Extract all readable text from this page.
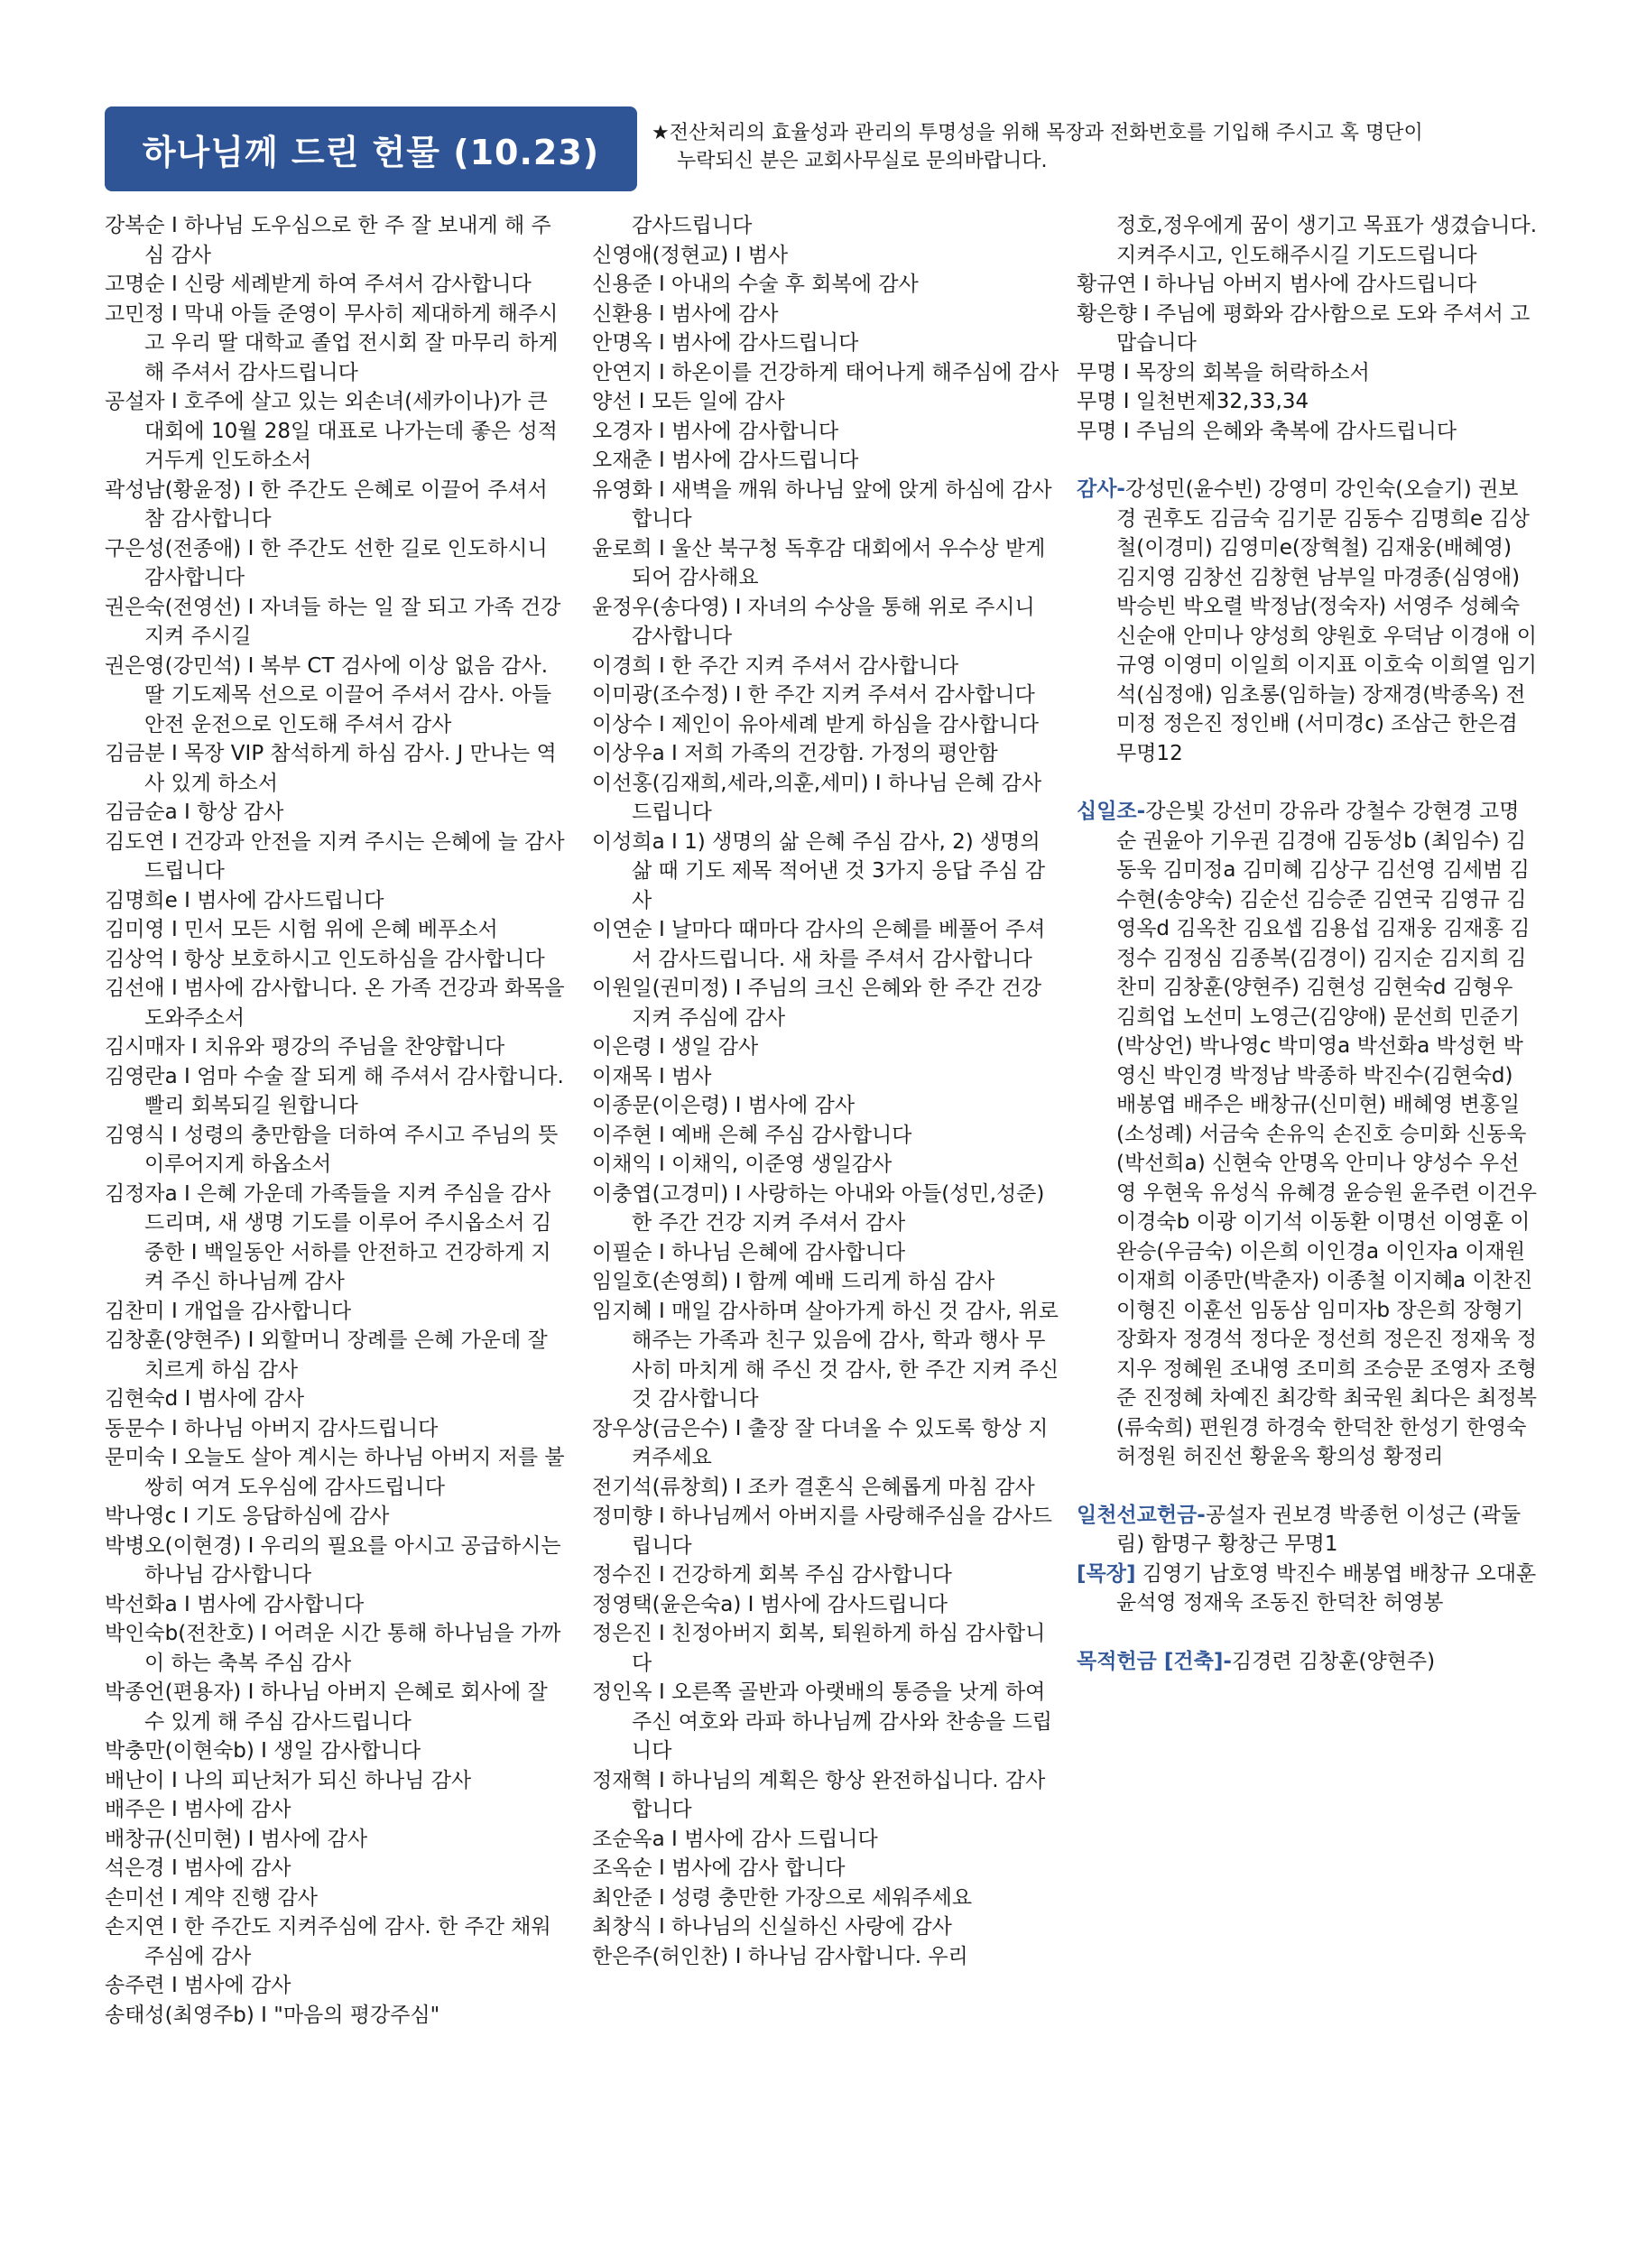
하나님께 드린 헌물 (10.23)	★전산처리의 효율성과 관리의 투명성을 위해 목장과 전화번호를 기입해 주시고 혹 명단이
누락되신 분은 교회사무실로 문의바랍니다.

강복순 I 하나님 도우심으로 한 주 잘 보내게 해 주심 감사

고명순 I 신랑 세례받게 하여 주셔서 감사합니다

고민정 I 막내 아들 준영이 무사히 제대하게 해주시고 우리 딸 대학교 졸업 전시회 잘 마무리 하게 해 주셔서 감사드립니다

공설자 I 호주에 살고 있는 외손녀(세카이나)가 큰대회에 10월 28일 대표로 나가는데 좋은 성적 거두게 인도하소서

곽성남(황윤정) I 한 주간도 은혜로 이끌어 주셔서 참 감사합니다

구은성(전종애) I 한 주간도 선한 길로 인도하시니 감사합니다

권은숙(전영선) I 자녀들 하는 일 잘 되고 가족 건강 지켜 주시길

권은영(강민석) I 복부 CT 검사에 이상 없음 감사. 딸 기도제목 선으로 이끌어 주셔서 감사. 아들 안전 운전으로 인도해 주셔서 감사

김금분 I 목장 VIP 참석하게 하심 감사. J 만나는 역사 있게 하소서

김금순a I 항상 감사

김도연 I 건강과 안전을 지켜 주시는 은혜에 늘 감사드립니다

김명희e I 범사에 감사드립니다

김미영 I 민서 모든 시험 위에 은혜 베푸소서

김상억 I 항상 보호하시고 인도하심을 감사합니다

김선애 I 범사에 감사합니다. 온 가족 건강과 화목을 도와주소서

김시매자 I 치유와 평강의 주님을 찬양합니다

김영란a I 엄마 수술 잘 되게 해 주셔서 감사합니다. 빨리 회복되길 원합니다

김영식 I 성령의 충만함을 더하여 주시고 주님의 뜻 이루어지게 하옵소서

김정자a I 은혜 가운데 가족들을 지켜 주심을 감사드리며, 새 생명 기도를 이루어 주시옵소서 김중한 I 백일동안 서하를 안전하고 건강하게 지켜 주신 하나님께 감사

김찬미 I 개업을 감사합니다

김창훈(양현주) I 외할머니 장례를 은혜 가운데 잘 치르게 하심 감사

김현숙d I 범사에 감사

동문수 I 하나님 아버지 감사드립니다

문미숙 I 오늘도 살아 계시는 하나님 아버지 저를 불쌍히 여겨 도우심에 감사드립니다

박나영c I 기도 응답하심에 감사

박병오(이현경) I 우리의 필요를 아시고 공급하시는 하나님 감사합니다

박선화a I 범사에 감사합니다

박인숙b(전찬호) I 어려운 시간 통해 하나님을 가까이 하는 축복 주심 감사

박종언(편용자) I 하나님 아버지 은혜로 회사에 잘 수 있게 해 주심 감사드립니다

박충만(이현숙b) I 생일 감사합니다

배난이 I 나의 피난처가 되신 하나님 감사

배주은 I 범사에 감사

배창규(신미현) I 범사에 감사

석은경 I 범사에 감사

손미선 I 계약 진행 감사

손지연 I 한 주간도 지켜주심에 감사. 한 주간 채워주심에 감사

송주련 I 범사에 감사

송태성(최영주b) I "마음의 평강주심"

감사드립니다

신영애(정현교) I 범사

신용준 I 아내의 수술 후 회복에 감사

신환용 I 범사에 감사

안명옥 I 범사에 감사드립니다

안연지 I 하온이를 건강하게 태어나게 해주심에 감사

양선 I 모든 일에 감사

오경자 I 범사에 감사합니다

오재춘 I 범사에 감사드립니다

유영화 I 새벽을 깨워 하나님 앞에 앉게 하심에 감사합니다

윤로희 I 울산 북구청 독후감 대회에서 우수상 받게 되어 감사해요

윤정우(송다영) I 자녀의 수상을 통해 위로 주시니 감사합니다

이경희 I 한 주간 지켜 주셔서 감사합니다

이미광(조수정) I 한 주간 지켜 주셔서 감사합니다

이상수 I 제인이 유아세례 받게 하심을 감사합니다

이상우a I 저희 가족의 건강함. 가정의 평안함

이선홍(김재희,세라,의훈,세미) I 하나님 은혜 감사드립니다

이성희a I 1) 생명의 삶 은혜 주심 감사, 2) 생명의 삶 때 기도 제목 적어낸 것 3가지 응답 주심 감사

이연순 I 날마다 때마다 감사의 은혜를 베풀어 주셔서 감사드립니다. 새 차를 주셔서 감사합니다

이원일(권미정) I 주님의 크신 은혜와 한 주간 건강 지켜 주심에 감사

이은령 I 생일 감사

이재목 I 범사

이종문(이은령) I 범사에 감사

이주현 I 예배 은혜 주심 감사합니다

이채익 I 이채익, 이준영 생일감사

이충엽(고경미) I 사랑하는 아내와 아들(성민,성준) 한 주간 건강 지켜 주셔서 감사

이필순 I 하나님 은혜에 감사합니다

임일호(손영희) I 함께 예배 드리게 하심 감사

임지혜 I 매일 감사하며 살아가게 하신 것 감사, 위로해주는 가족과 친구 있음에 감사, 학과 행사 무사히 마치게 해 주신 것 감사, 한 주간 지켜 주신 것 감사합니다

장우상(금은수) I 출장 잘 다녀올 수 있도록 항상 지켜주세요

전기석(류창희) I 조카 결혼식 은혜롭게 마침 감사

정미향 I 하나님께서 아버지를 사랑해주심을 감사드립니다

정수진 I 건강하게 회복 주심 감사합니다

정영택(윤은숙a) I 범사에 감사드립니다

정은진 I 친정아버지 회복, 퇴원하게 하심 감사합니다

정인옥 I 오른쪽 골반과 아랫배의 통증을 낫게 하여 주신 여호와 라파 하나님께 감사와 찬송을 드립니다

정재혁 I 하나님의 계획은 항상 완전하십니다. 감사합니다

조순옥a I 범사에 감사 드립니다

조옥순 I 범사에 감사 합니다

최안준 I 성령 충만한 가장으로 세워주세요

최창식 I 하나님의 신실하신 사랑에 감사

한은주(허인찬) I 하나님 감사합니다. 우리

정호,정우에게 꿈이 생기고 목표가 생겼습니다. 지켜주시고, 인도해주시길 기도드립니다

황규연 I 하나님 아버지 범사에 감사드립니다

황은향 I 주님에 평화와 감사함으로 도와 주셔서 고맙습니다

무명 I 목장의 회복을 허락하소서

무명 I 일천번제32,33,34

무명 I 주님의 은혜와 축복에 감사드립니다

감사-강성민(윤수빈) 강영미 강인숙(오슬기) 권보경 권후도 김금숙 김기문 김동수 김명희e 김상철(이경미) 김영미e(장혁철) 김재웅(배혜영) 김지영 김창선 김창현 남부일 마경종(심영애) 박승빈 박오렬 박정남(정숙자) 서영주 성혜숙 신순애 안미나 양성희 양원호 우덕남 이경애 이규영 이영미 이일희 이지표 이호숙 이희열 임기석(심정애) 임초롱(임하늘) 장재경(박종옥) 전미정 정은진 정인배 (서미경c) 조삼근 한은겸 무명12

십일조-강은빛 강선미 강유라 강철수 강현경 고명순 권윤아 기우권 김경애 김동성b (최임수) 김동욱 김미정a 김미혜 김상구 김선영 김세범 김수현(송양숙) 김순선 김승준 김연국 김영규 김영옥d 김옥찬 김요셉 김용섭 김재웅 김재홍 김정수 김정심 김종복(김경이) 김지순 김지희 김찬미 김창훈(양현주) 김현성 김현숙d 김형우 김희업 노선미 노영근(김양애) 문선희 민준기(박상언) 박나영c 박미영a 박선화a 박성헌 박영신 박인경 박정남 박종하 박진수(김현숙d) 배봉엽 배주은 배창규(신미현) 배혜영 변홍일(소성례) 서금숙 손유익 손진호 승미화 신동욱 (박선희a) 신현숙 안명옥 안미나 양성수 우선영 우현욱 유성식 유혜경 윤승원 윤주련 이건우 이경숙b 이광 이기석 이동환 이명선 이영훈 이완승(우금숙) 이은희 이인경a 이인자a 이재원 이재희 이종만(박춘자) 이종철 이지혜a 이찬진 이형진 이훈선 임동삼 임미자b 장은희 장형기 장화자 정경석 정다운 정선희 정은진 정재욱 정지우 정혜원 조내영 조미희 조승문 조영자 조형준 진정혜 차예진 최강학 최국원 최다은 최정복 (류숙희) 편원경 하경숙 한덕찬 한성기 한영숙 허정원 허진선 황윤옥 황의성 황정리

일천선교헌금-공설자 권보경 박종헌 이성근 (곽둘림) 함명구 황창근 무명1

[목장] 김영기 남호영 박진수 배봉엽 배창규 오대훈 윤석영 정재욱 조동진 한덕찬 허영봉

목적헌금 [건축]-김경련 김창훈(양현주)
